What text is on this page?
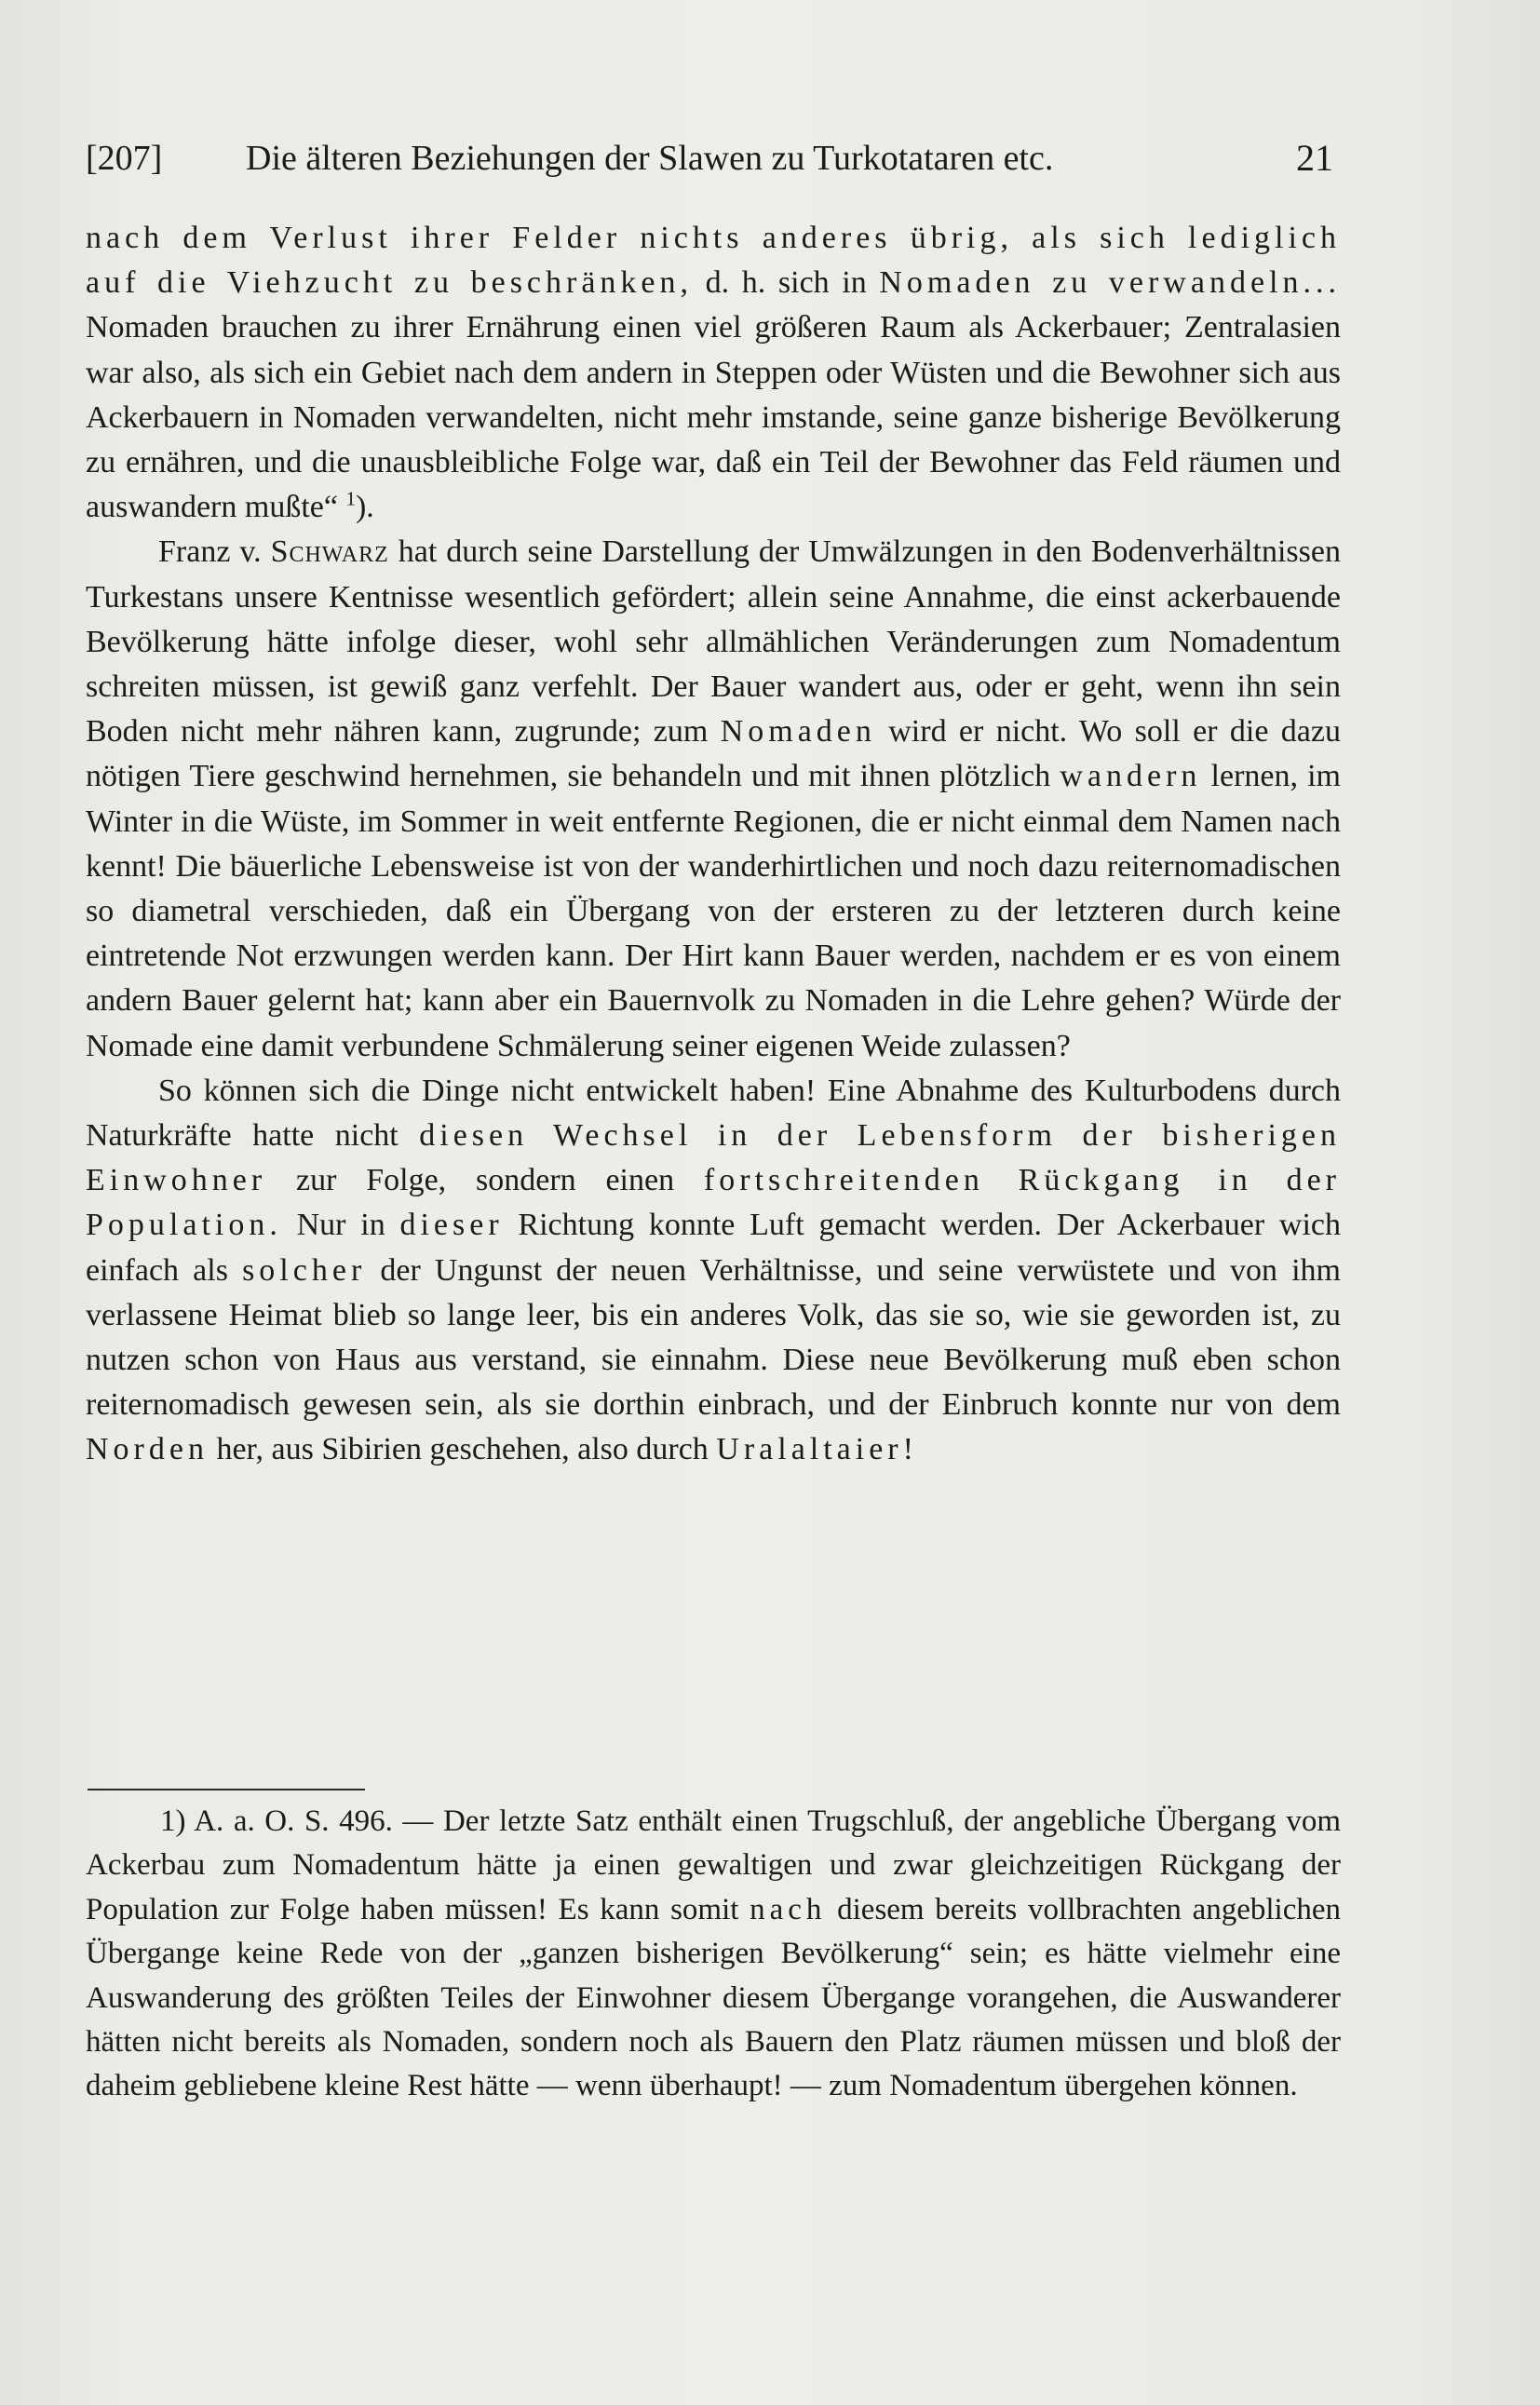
[207] Die älteren Beziehungen der Slawen zu Turkotataren etc.	21

nach dem Verlust ihrer Felder nichts anderes übrig, als sich lediglich auf die Viehzucht zu beschränken, d. h. sich in Nomaden zu verwandeln... Nomaden brauchen zu ihrer Ernährung einen viel größeren Raum als Ackerbauer; Zentralasien war also, als sich ein Gebiet nach dem andern in Steppen oder Wüsten und die Bewohner sich aus Ackerbauern in Nomaden verwandelten, nicht mehr imstande, seine ganze bisherige Bevölkerung zu ernähren, und die unausbleibliche Folge war, daß ein Teil der Bewohner das Feld räumen und auswandern mußte“ $^1$).

Franz v. Schwarz hat durch seine Darstellung der Umwälzungen in den Bodenverhältnissen Turkestans unsere Kentnisse wesentlich gefördert; allein seine Annahme, die einst ackerbauende Bevölkerung hätte infolge dieser, wohl sehr allmählichen Veränderungen zum Nomadentum schreiten müssen, ist gewiß ganz verfehlt. Der Bauer wandert aus, oder er geht, wenn ihn sein Boden nicht mehr nähren kann, zugrunde; zum Nomaden wird er nicht. Wo soll er die dazu nötigen Tiere geschwind hernehmen, sie behandeln und mit ihnen plötzlich wandern lernen, im Winter in die Wüste, im Sommer in weit entfernte Regionen, die er nicht einmal dem Namen nach kennt! Die bäuerliche Lebensweise ist von der wanderhirtlichen und noch dazu reiternomadischen so diametral verschieden, daß ein Übergang von der ersteren zu der letzteren durch keine eintretende Not erzwungen werden kann. Der Hirt kann Bauer werden, nachdem er es von einem andern Bauer gelernt hat; kann aber ein Bauernvolk zu Nomaden in die Lehre gehen? Würde der Nomade eine damit verbundene Schmälerung seiner eigenen Weide zulassen?

So können sich die Dinge nicht entwickelt haben! Eine Abnahme des Kulturbodens durch Naturkräfte hatte nicht diesen Wechsel in der Lebensform der bisherigen Einwohner zur Folge, sondern einen fortschreitenden Rückgang in der Population. Nur in dieser Richtung konnte Luft gemacht werden. Der Ackerbauer wich einfach als solcher der Ungunst der neuen Verhältnisse, und seine verwüstete und von ihm verlassene Heimat blieb so lange leer, bis ein anderes Volk, das sie so, wie sie geworden ist, zu nutzen schon von Haus aus verstand, sie einnahm. Diese neue Bevölkerung muß eben schon reiternomadisch gewesen sein, als sie dorthin einbrach, und der Einbruch konnte nur von dem Norden her, aus Sibirien geschehen, also durch Uralaltaier!

1) A. a. O. S. 496. — Der letzte Satz enthält einen Trugschluß, der angebliche Übergang vom Ackerbau zum Nomadentum hätte ja einen gewaltigen und zwar gleichzeitigen Rückgang der Population zur Folge haben müssen! Es kann somit nach diesem bereits vollbrachten angeblichen Übergange keine Rede von der „ganzen bisherigen Bevölkerung“ sein; es hätte vielmehr eine Auswanderung des größten Teiles der Einwohner diesem Übergange vorangehen, die Auswanderer hätten nicht bereits als Nomaden, sondern noch als Bauern den Platz räumen müssen und bloß der daheim gebliebene kleine Rest hätte — wenn überhaupt! — zum Nomadentum übergehen können.
